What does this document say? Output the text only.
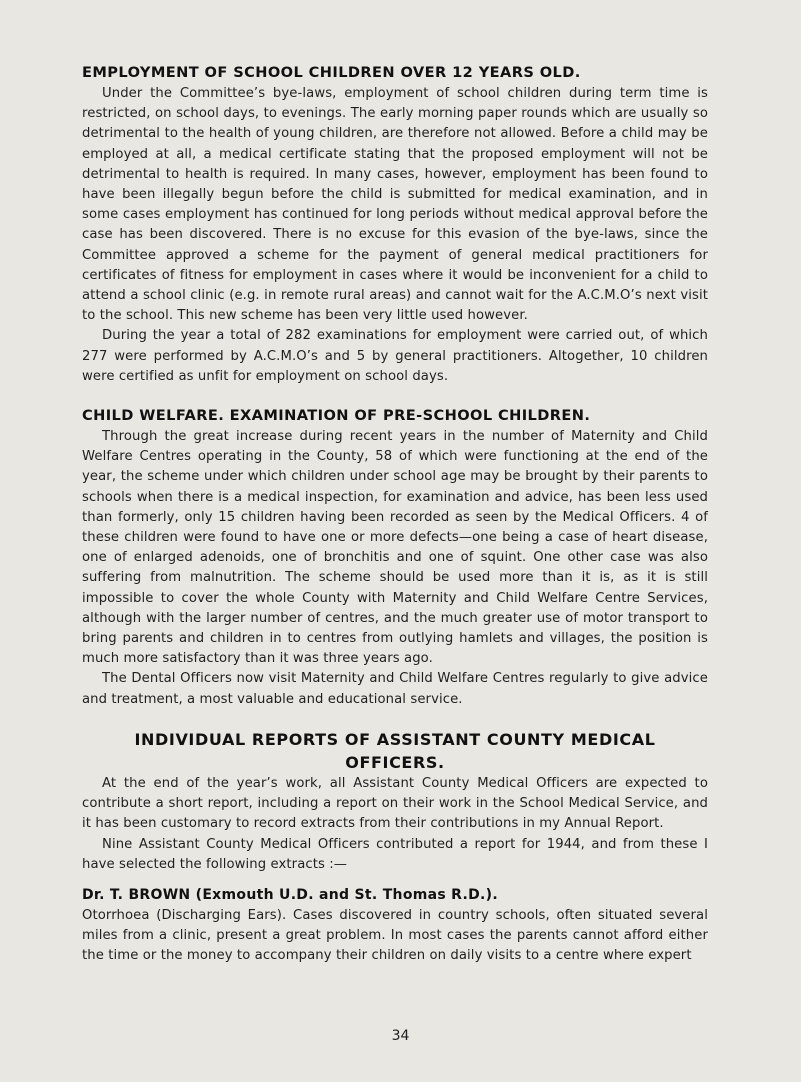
EMPLOYMENT OF SCHOOL CHILDREN OVER 12 YEARS OLD.

Under the Committee’s bye-laws, employment of school children during term time is restricted, on school days, to evenings. The early morning paper rounds which are usually so detrimental to the health of young children, are therefore not allowed. Before a child may be employed at all, a medical certificate stating that the proposed employment will not be detrimental to health is required. In many cases, however, employment has been found to have been illegally begun before the child is submitted for medical examination, and in some cases employment has continued for long periods without medical approval before the case has been discovered. There is no excuse for this evasion of the bye-laws, since the Committee approved a scheme for the payment of general medical practitioners for certificates of fitness for employment in cases where it would be inconvenient for a child to attend a school clinic (e.g. in remote rural areas) and cannot wait for the A.C.M.O’s next visit to the school. This new scheme has been very little used however.

During the year a total of 282 examinations for employment were carried out, of which 277 were performed by A.C.M.O’s and 5 by general practitioners. Altogether, 10 children were certified as unfit for employment on school days.

CHILD WELFARE. EXAMINATION OF PRE-SCHOOL CHILDREN.

Through the great increase during recent years in the number of Maternity and Child Welfare Centres operating in the County, 58 of which were functioning at the end of the year, the scheme under which children under school age may be brought by their parents to schools when there is a medical inspection, for examination and advice, has been less used than formerly, only 15 children having been recorded as seen by the Medical Officers. 4 of these children were found to have one or more defects—one being a case of heart disease, one of enlarged adenoids, one of bronchitis and one of squint. One other case was also suffering from malnutrition. The scheme should be used more than it is, as it is still impossible to cover the whole County with Maternity and Child Welfare Centre Services, although with the larger number of centres, and the much greater use of motor transport to bring parents and children in to centres from outlying hamlets and villages, the position is much more satisfactory than it was three years ago.

The Dental Officers now visit Maternity and Child Welfare Centres regularly to give advice and treatment, a most valuable and educational service.

INDIVIDUAL REPORTS OF ASSISTANT COUNTY MEDICAL OFFICERS.

At the end of the year’s work, all Assistant County Medical Officers are expected to contribute a short report, including a report on their work in the School Medical Service, and it has been customary to record extracts from their contributions in my Annual Report.

Nine Assistant County Medical Officers contributed a report for 1944, and from these I have selected the following extracts :—

Dr. T. BROWN (Exmouth U.D. and St. Thomas R.D.).

Otorrhoea (Discharging Ears). Cases discovered in country schools, often situated several miles from a clinic, present a great problem. In most cases the parents cannot afford either the time or the money to accompany their children on daily visits to a centre where expert

34
